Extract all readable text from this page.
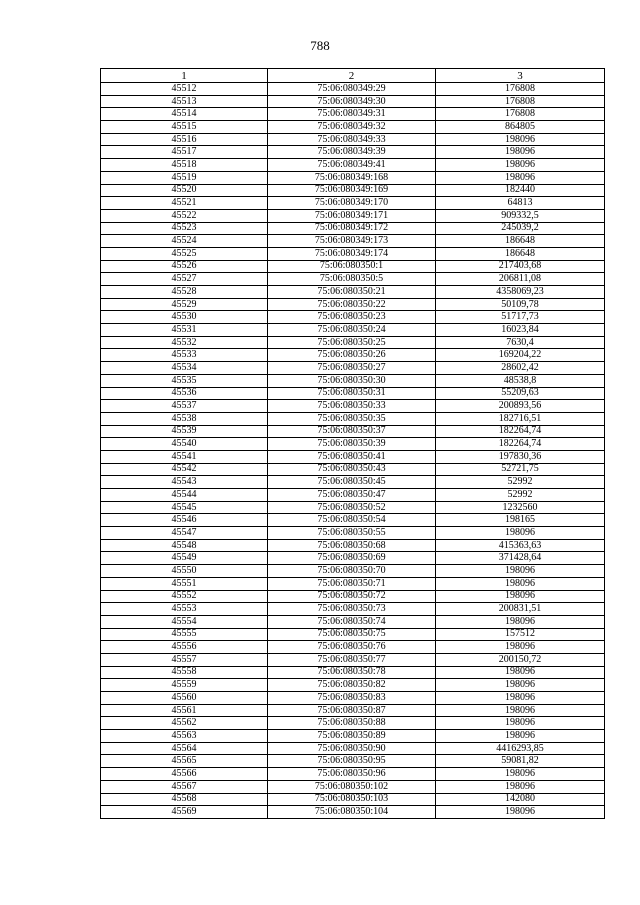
788
1	2	3
45512	75:06:080349:29	176808
45513	75:06:080349:30	176808
45514	75:06:080349:31	176808
45515	75:06:080349:32	864805
45516	75:06:080349:33	198096
45517	75:06:080349:39	198096
45518	75:06:080349:41	198096
45519	75:06:080349:168	198096
45520	75:06:080349:169	182440
45521	75:06:080349:170	64813
45522	75:06:080349:171	909332,5
45523	75:06:080349:172	245039,2
45524	75:06:080349:173	186648
45525	75:06:080349:174	186648
45526	75:06:080350:1	217403,68
45527	75:06:080350:5	206811,08
45528	75:06:080350:21	4358069,23
45529	75:06:080350:22	50109,78
45530	75:06:080350:23	51717,73
45531	75:06:080350:24	16023,84
45532	75:06:080350:25	7630,4
45533	75:06:080350:26	169204,22
45534	75:06:080350:27	28602,42
45535	75:06:080350:30	48538,8
45536	75:06:080350:31	55209,63
45537	75:06:080350:33	200893,56
45538	75:06:080350:35	182716,51
45539	75:06:080350:37	182264,74
45540	75:06:080350:39	182264,74
45541	75:06:080350:41	197830,36
45542	75:06:080350:43	52721,75
45543	75:06:080350:45	52992
45544	75:06:080350:47	52992
45545	75:06:080350:52	1232560
45546	75:06:080350:54	198165
45547	75:06:080350:55	198096
45548	75:06:080350:68	415363,63
45549	75:06:080350:69	371428,64
45550	75:06:080350:70	198096
45551	75:06:080350:71	198096
45552	75:06:080350:72	198096
45553	75:06:080350:73	200831,51
45554	75:06:080350:74	198096
45555	75:06:080350:75	157512
45556	75:06:080350:76	198096
45557	75:06:080350:77	200150,72
45558	75:06:080350:78	198096
45559	75:06:080350:82	198096
45560	75:06:080350:83	198096
45561	75:06:080350:87	198096
45562	75:06:080350:88	198096
45563	75:06:080350:89	198096
45564	75:06:080350:90	4416293,85
45565	75:06:080350:95	59081,82
45566	75:06:080350:96	198096
45567	75:06:080350:102	198096
45568	75:06:080350:103	142080
45569	75:06:080350:104	198096
